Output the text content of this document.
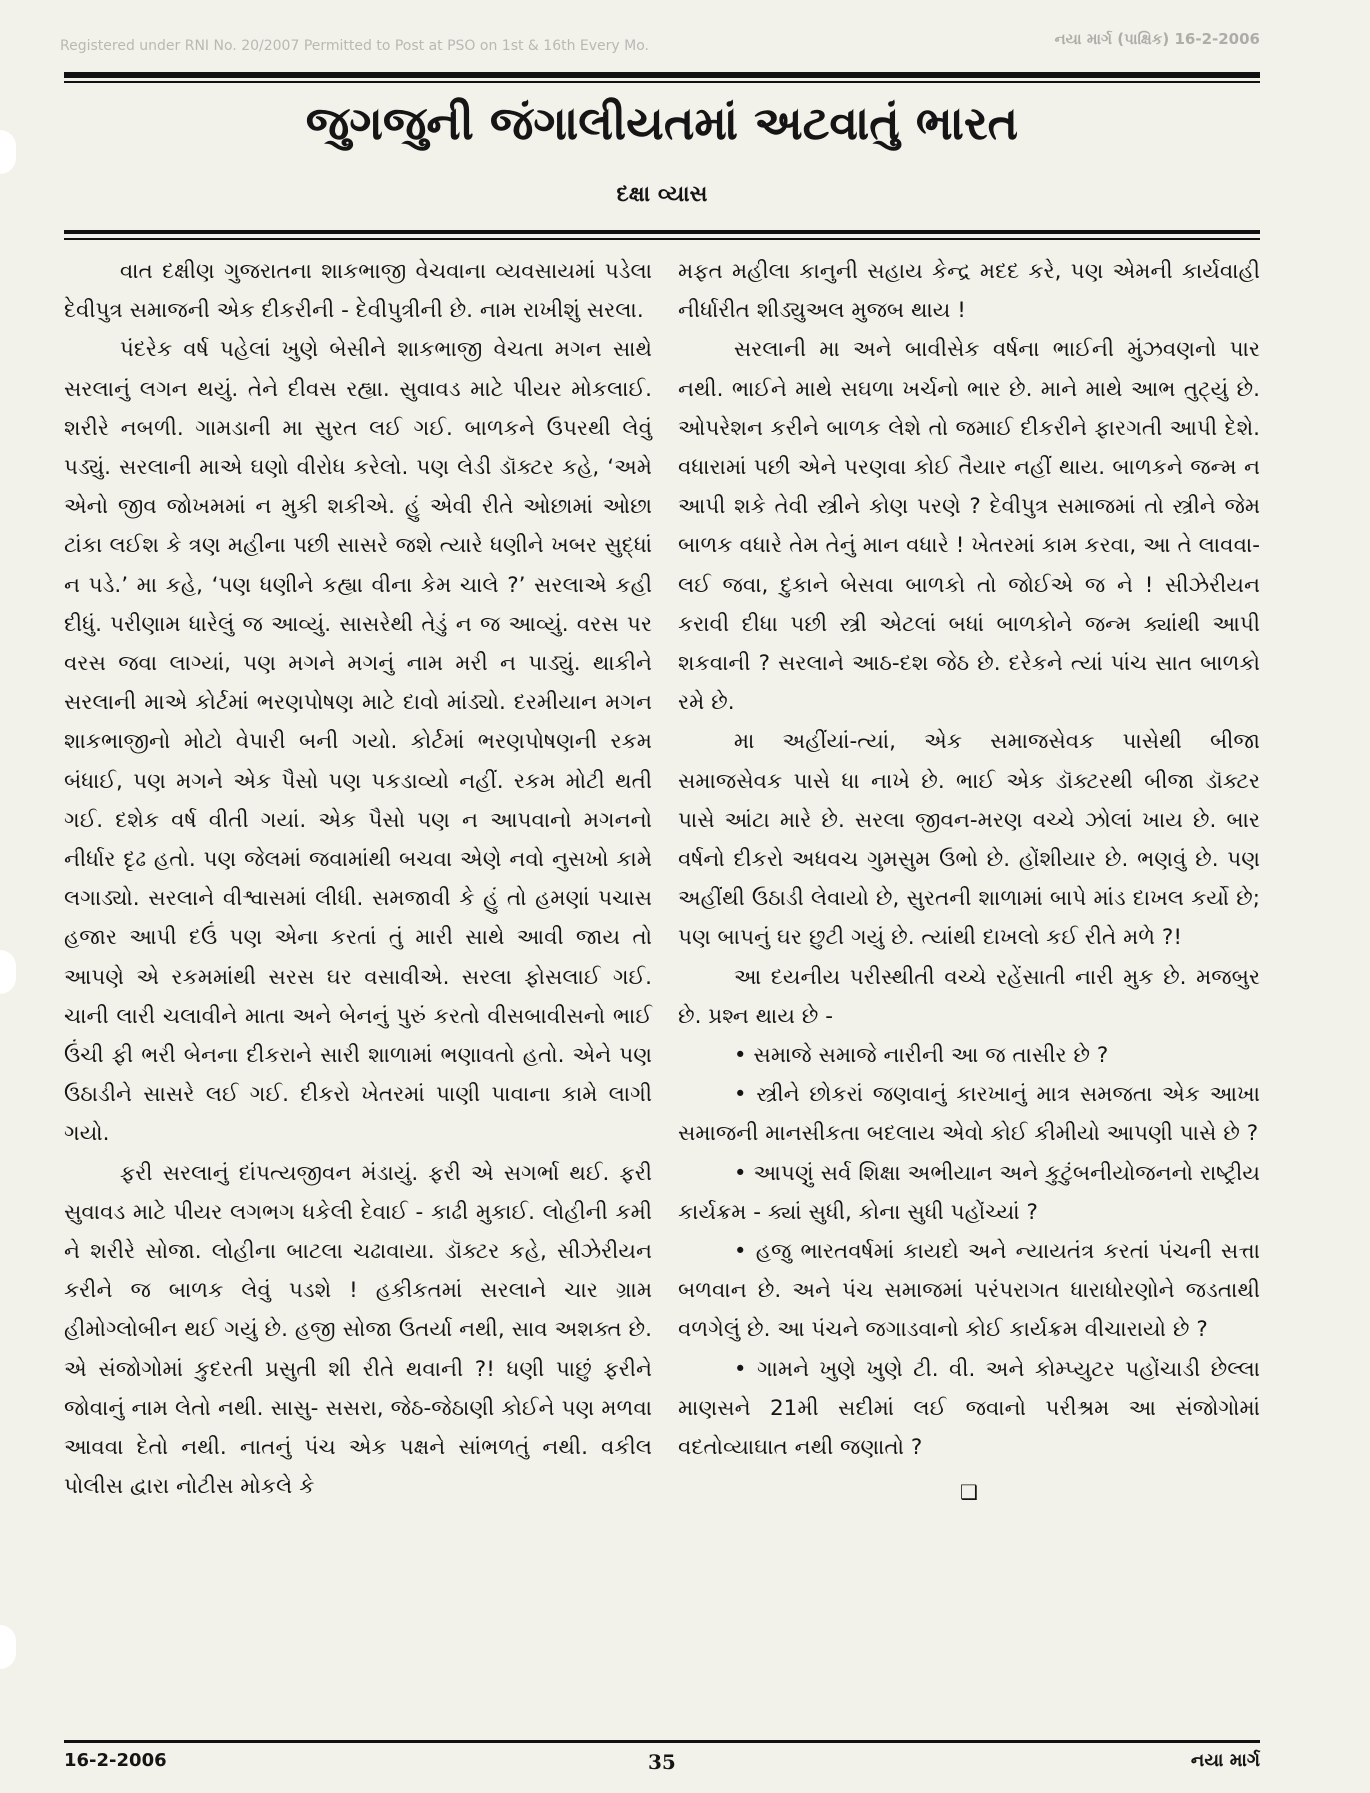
Registered under RNI No. 20/2007 Permitted to Post at PSO on 1st & 16th Every Mo.	નયા માર્ગ (પાક્ષિક) 16-2-2006
જુગજુની જંગાલીયતમાં અટવાતું ભારત
દક્ષા વ્યાસ

વાત દક્ષીણ ગુજરાતના શાકભાજી વેચવાના વ્યવસાયમાં પડેલા દેવીપુત્ર સમાજની એક દીકરીની - દેવીપુત્રીની છે. નામ રાખીશું સરલા.

પંદરેક વર્ષ પહેલાં ખુણે બેસીને શાકભાજી વેચતા મગન સાથે સરલાનું લગન થયું. તેને દીવસ રહ્યા. સુવાવડ માટે પીયર મોકલાઈ. શરીરે નબળી. ગામડાની મા સુરત લઈ ગઈ. બાળકને ઉપરથી લેવું પડ્યું. સરલાની માએ ઘણો વીરોધ કરેલો. પણ લેડી ડૉક્ટર કહે, ‘અમે એનો જીવ જોખમમાં ન મુકી શકીએ. હું એવી રીતે ઓછામાં ઓછા ટાંકા લઈશ કે ત્રણ મહીના પછી સાસરે જશે ત્યારે ધણીને ખબર સુદ્ધાં ન પડે.’ મા કહે, ‘પણ ધણીને કહ્યા વીના કેમ ચાલે ?’ સરલાએ કહી દીધું. પરીણામ ધારેલું જ આવ્યું. સાસરેથી તેડું ન જ આવ્યું. વરસ પર વરસ જવા લાગ્યાં, પણ મગને મગનું નામ મરી ન પાડ્યું. થાકીને સરલાની માએ કોર્ટમાં ભરણપોષણ માટે દાવો માંડ્યો. દરમીયાન મગન શાકભાજીનો મોટો વેપારી બની ગયો. કોર્ટમાં ભરણપોષણની રકમ બંધાઈ, પણ મગને એક પૈસો પણ પકડાવ્યો નહીં. રકમ મોટી થતી ગઈ. દશેક વર્ષ વીતી ગયાં. એક પૈસો પણ ન આપવાનો મગનનો નીર્ધાર દૃઢ હતો. પણ જેલમાં જવામાંથી બચવા એણે નવો નુસખો કામે લગાડ્યો. સરલાને વીશ્વાસમાં લીધી. સમજાવી કે હું તો હમણાં પચાસ હજાર આપી દઉં પણ એના કરતાં તું મારી સાથે આવી જાય તો આપણે એ રકમમાંથી સરસ ઘર વસાવીએ. સરલા ફોસલાઈ ગઈ. ચાની લારી ચલાવીને માતા અને બેનનું પુરું કરતો વીસબાવીસનો ભાઈ ઉંચી ફી ભરી બેનના દીકરાને સારી શાળામાં ભણાવતો હતો. એને પણ ઉઠાડીને સાસરે લઈ ગઈ. દીકરો ખેતરમાં પાણી પાવાના કામે લાગી ગયો.

ફરી સરલાનું દાંપત્યજીવન મંડાયું. ફરી એ સગર્ભા થઈ. ફરી સુવાવડ માટે પીયર લગભગ ધકેલી દેવાઈ - કાઢી મુકાઈ. લોહીની કમી ને શરીરે સોજા. લોહીના બાટલા ચઢાવાયા. ડૉક્ટર કહે, સીઝેરીયન કરીને જ બાળક લેવું પડશે ! હકીકતમાં સરલાને ચાર ગ્રામ હીમોગ્લોબીન થઈ ગયું છે. હજી સોજા ઉતર્યા નથી, સાવ અશક્ત છે. એ સંજોગોમાં કુદરતી પ્રસુતી શી રીતે થવાની ?! ધણી પાછું ફરીને જોવાનું નામ લેતો નથી. સાસુ- સસરા, જેઠ-જેઠાણી કોઈને પણ મળવા આવવા દેતો નથી. નાતનું પંચ એક પક્ષને સાંભળતું નથી. વકીલ પોલીસ દ્વારા નોટીસ મોકલે કે

મફત મહીલા કાનુની સહાય કેન્દ્ર મદદ કરે, પણ એમની કાર્યવાહી નીર્ધારીત શીડ્યુઅલ મુજબ થાય !

સરલાની મા અને બાવીસેક વર્ષના ભાઈની મુંઝવણનો પાર નથી. ભાઈને માથે સઘળા ખર્ચનો ભાર છે. માને માથે આભ તુટ્યું છે. ઓપરેશન કરીને બાળક લેશે તો જમાઈ દીકરીને ફારગતી આપી દેશે. વધારામાં પછી એને પરણવા કોઈ તૈયાર નહીં થાય. બાળકને જન્મ ન આપી શકે તેવી સ્ત્રીને કોણ પરણે ? દેવીપુત્ર સમાજમાં તો સ્ત્રીને જેમ બાળક વધારે તેમ તેનું માન વધારે ! ખેતરમાં કામ કરવા, આ તે લાવવા-લઈ જવા, દુકાને બેસવા બાળકો તો જોઈએ જ ને ! સીઝેરીયન કરાવી દીધા પછી સ્ત્રી એટલાં બધાં બાળકોને જન્મ ક્યાંથી આપી શકવાની ? સરલાને આઠ-દશ જેઠ છે. દરેકને ત્યાં પાંચ સાત બાળકો રમે છે.

મા અહીંયાં-ત્યાં, એક સમાજસેવક પાસેથી બીજા સમાજસેવક પાસે ધા નાખે છે. ભાઈ એક ડૉક્ટરથી બીજા ડૉક્ટર પાસે આંટા મારે છે. સરલા જીવન-મરણ વચ્ચે ઝોલાં ખાય છે. બાર વર્ષનો દીકરો અધવચ ગુમસુમ ઉભો છે. હોંશીયાર છે. ભણવું છે. પણ અહીંથી ઉઠાડી લેવાયો છે, સુરતની શાળામાં બાપે માંડ દાખલ કર્યો છે; પણ બાપનું ઘર છુટી ગયું છે. ત્યાંથી દાખલો કઈ રીતે મળે ?!

આ દયનીય પરીસ્થીતી વચ્ચે રહેંસાતી નારી મુક છે. મજબુર છે. પ્રશ્ન થાય છે -

• સમાજે સમાજે નારીની આ જ તાસીર છે ?

• સ્ત્રીને છોકરાં જણવાનું કારખાનું માત્ર સમજતા એક આખા સમાજની માનસીકતા બદલાય એવો કોઈ કીમીયો આપણી પાસે છે ?

• આપણું સર્વ શિક્ષા અભીયાન અને કુટુંબનીયોજનનો રાષ્ટ્રીય કાર્યક્રમ - ક્યાં સુધી, કોના સુધી પહોંચ્યાં ?

• હજુ ભારતવર્ષમાં કાયદો અને ન્યાયતંત્ર કરતાં પંચની સત્તા બળવાન છે. અને પંચ સમાજમાં પરંપરાગત ધારાધોરણોને જડતાથી વળગેલું છે. આ પંચને જગાડવાનો કોઈ કાર્યક્રમ વીચારાયો છે ?

• ગામને ખુણે ખુણે ટી. વી. અને કોમ્પ્યુટર પહોંચાડી છેલ્લા માણસને 21મી સદીમાં લઈ જવાનો પરીશ્રમ આ સંજોગોમાં વદતોવ્યાઘાત નથી જણાતો ?

❑
16-2-2006	35	નયા માર્ગ
